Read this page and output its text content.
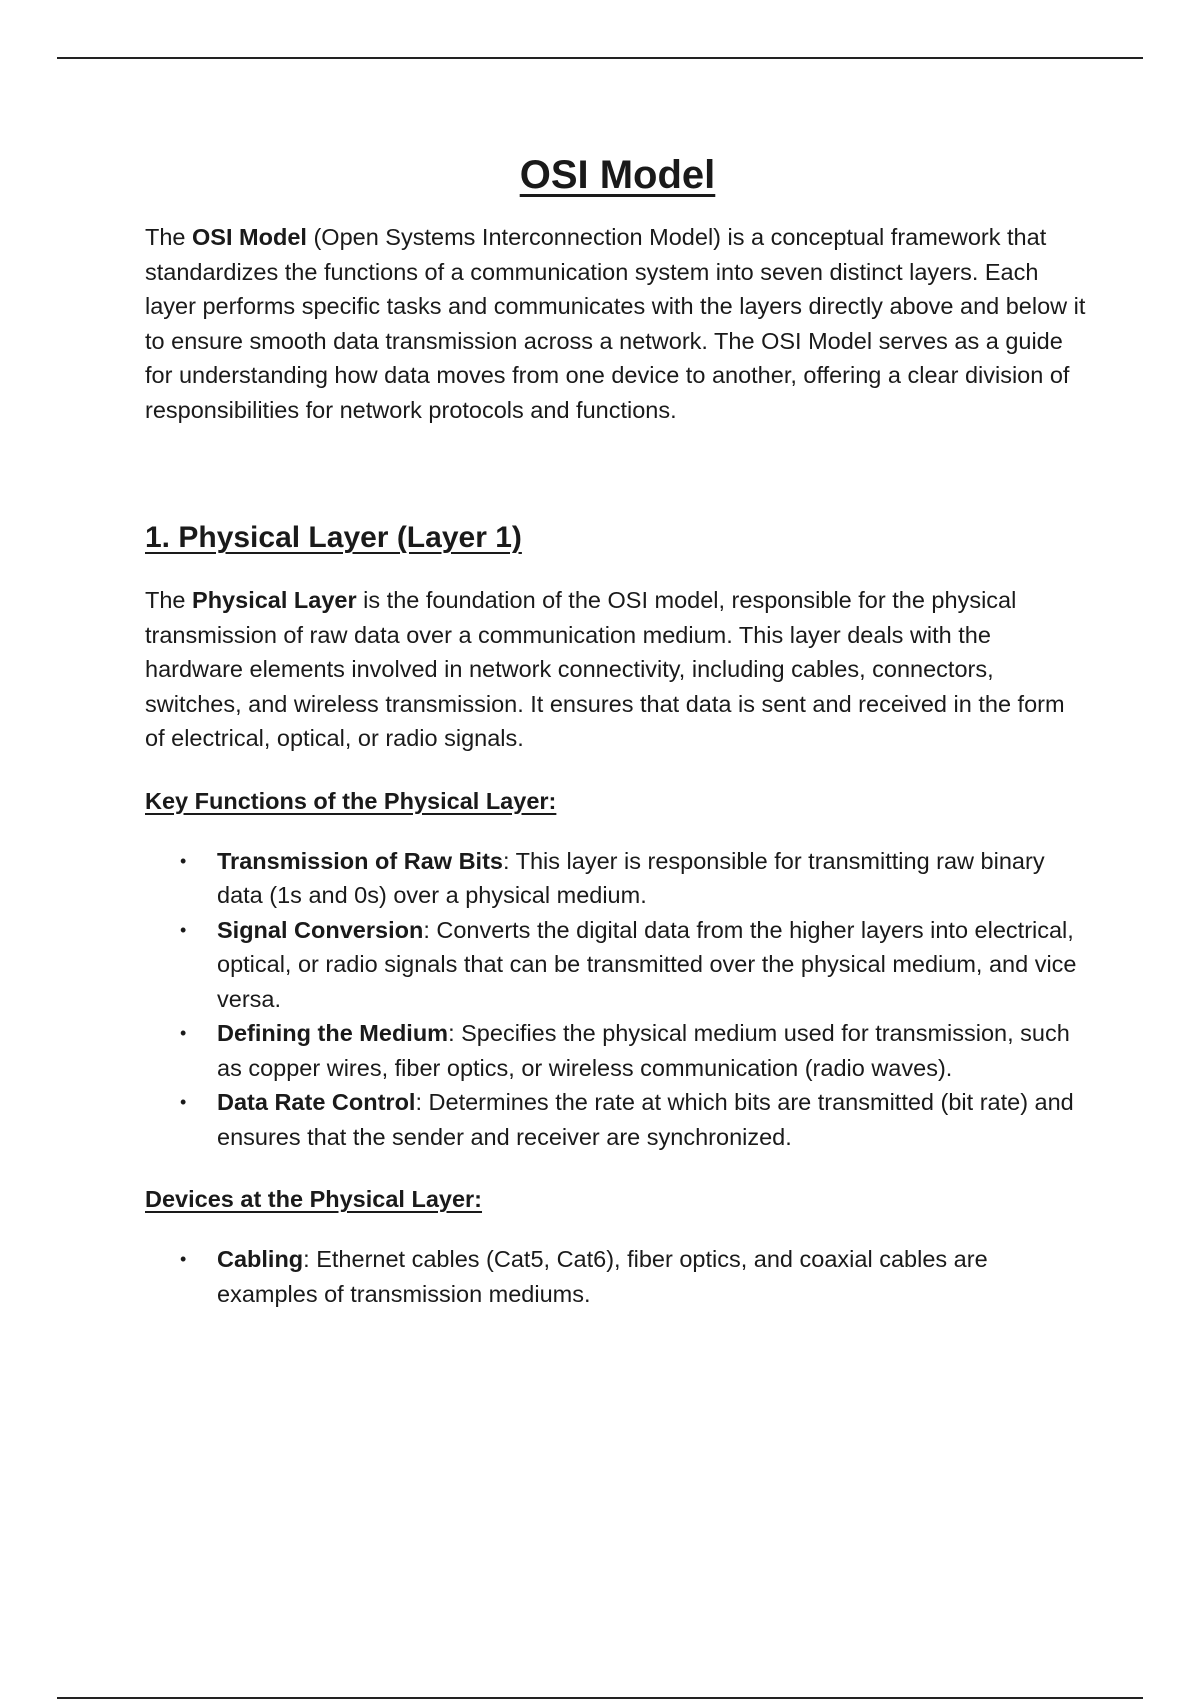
OSI Model

The OSI Model (Open Systems Interconnection Model) is a conceptual framework that standardizes the functions of a communication system into seven distinct layers. Each layer performs specific tasks and communicates with the layers directly above and below it to ensure smooth data transmission across a network. The OSI Model serves as a guide for understanding how data moves from one device to another, offering a clear division of responsibilities for network protocols and functions.

1. Physical Layer (Layer 1)

The Physical Layer is the foundation of the OSI model, responsible for the physical transmission of raw data over a communication medium. This layer deals with the hardware elements involved in network connectivity, including cables, connectors, switches, and wireless transmission. It ensures that data is sent and received in the form of electrical, optical, or radio signals.

Key Functions of the Physical Layer:
• Transmission of Raw Bits: This layer is responsible for transmitting raw binary data (1s and 0s) over a physical medium.
• Signal Conversion: Converts the digital data from the higher layers into electrical, optical, or radio signals that can be transmitted over the physical medium, and vice versa.
• Defining the Medium: Specifies the physical medium used for transmission, such as copper wires, fiber optics, or wireless communication (radio waves).
• Data Rate Control: Determines the rate at which bits are transmitted (bit rate) and ensures that the sender and receiver are synchronized.
Devices at the Physical Layer:
• Cabling: Ethernet cables (Cat5, Cat6), fiber optics, and coaxial cables are examples of transmission mediums.
